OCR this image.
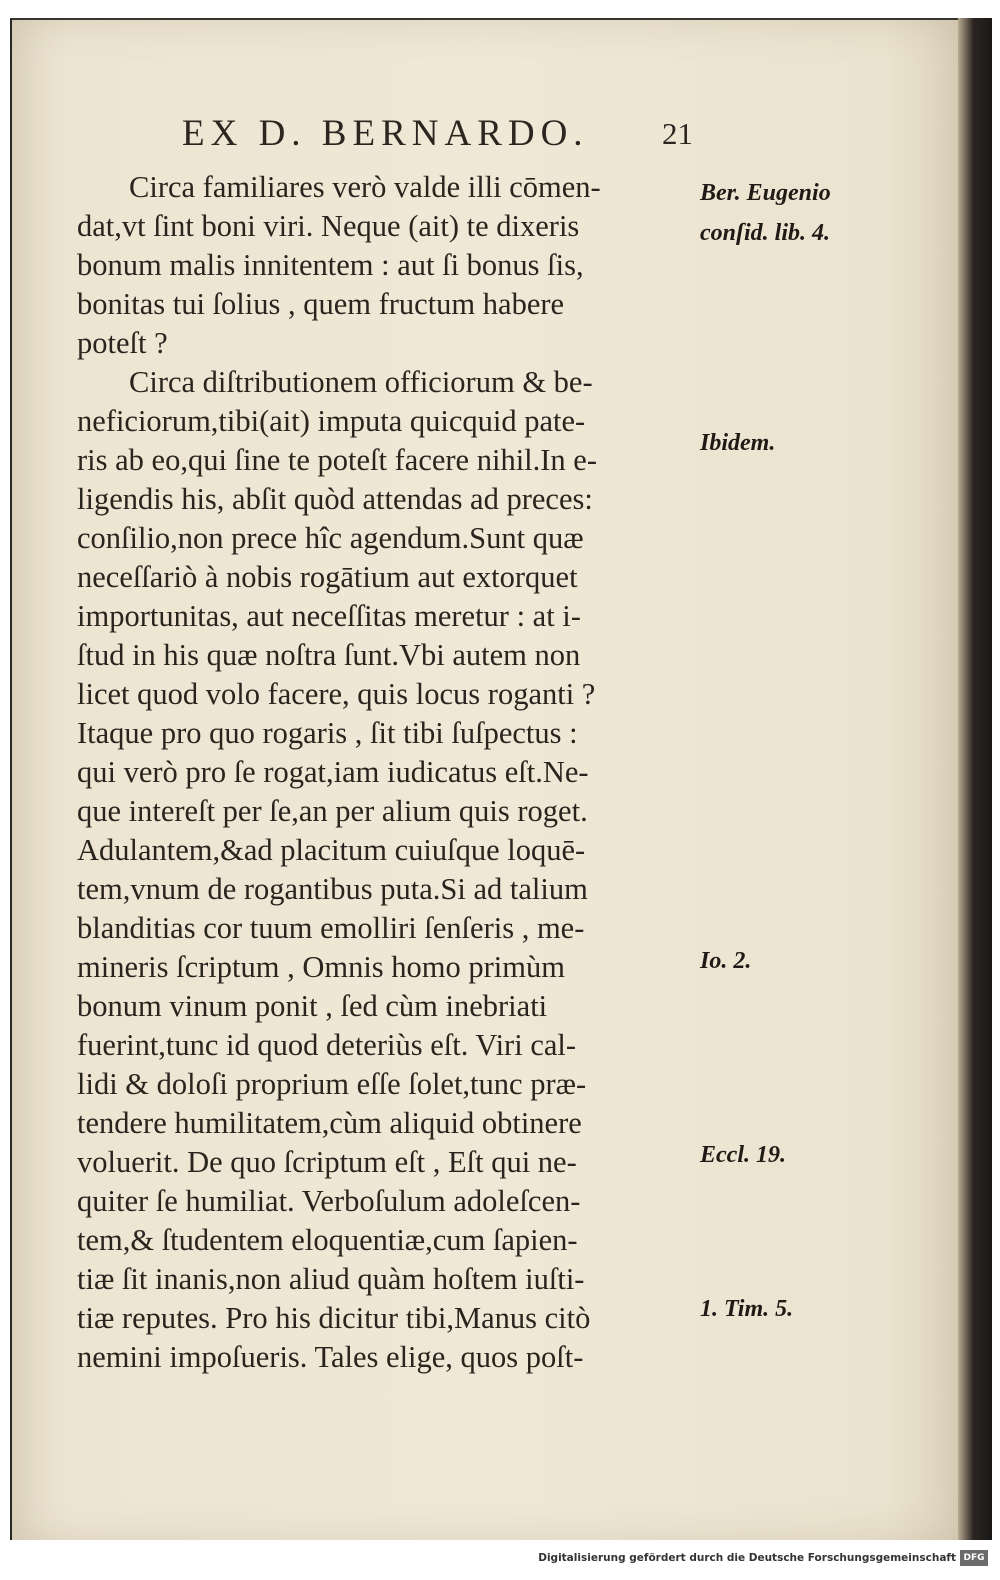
EX D. BERNARDO. 21
Circa familiares verò valde illi cōmen-
dat,vt ſint boni viri. Neque (ait) te dixeris
bonum malis innitentem : aut ſi bonus ſis,
bonitas tui ſolius , quem fructum habere
poteſt ?
Circa diſtributionem officiorum & be-
neficiorum,tibi(ait) imputa quicquid pate-
ris ab eo,qui ſine te poteſt facere nihil.In e-
ligendis his, abſit quòd attendas ad preces:
conſilio,non prece hîc agendum.Sunt quæ
neceſſariò à nobis rogātium aut extorquet
importunitas, aut neceſſitas meretur : at i-
ſtud in his quæ noſtra ſunt.Vbi autem non
licet quod volo facere, quis locus roganti ?
Itaque pro quo rogaris , ſit tibi ſuſpectus :
qui verò pro ſe rogat,iam iudicatus eſt.Ne-
que intereſt per ſe,an per alium quis roget.
Adulantem,&ad placitum cuiuſque loquē-
tem,vnum de rogantibus puta.Si ad talium
blanditias cor tuum emolliri ſenſeris , me-
mineris ſcriptum , Omnis homo primùm
bonum vinum ponit , ſed cùm inebriati
fuerint,tunc id quod deteriùs eſt. Viri cal-
lidi & doloſi proprium eſſe ſolet,tunc præ-
tendere humilitatem,cùm aliquid obtinere
voluerit. De quo ſcriptum eſt , Eſt qui ne-
quiter ſe humiliat. Verboſulum adoleſcen-
tem,& ſtudentem eloquentiæ,cum ſapien-
tiæ ſit inanis,non aliud quàm hoſtem iuſti-
tiæ reputes. Pro his dicitur tibi,Manus citò
nemini impoſueris. Tales elige, quos poſt-
Ber. Eugenio
conſid. lib. 4.
Ibidem.
Io. 2.
Eccl. 19.
1. Tim. 5.
Digitalisierung gefördert durch die Deutsche Forschungsgemeinschaft DFG
